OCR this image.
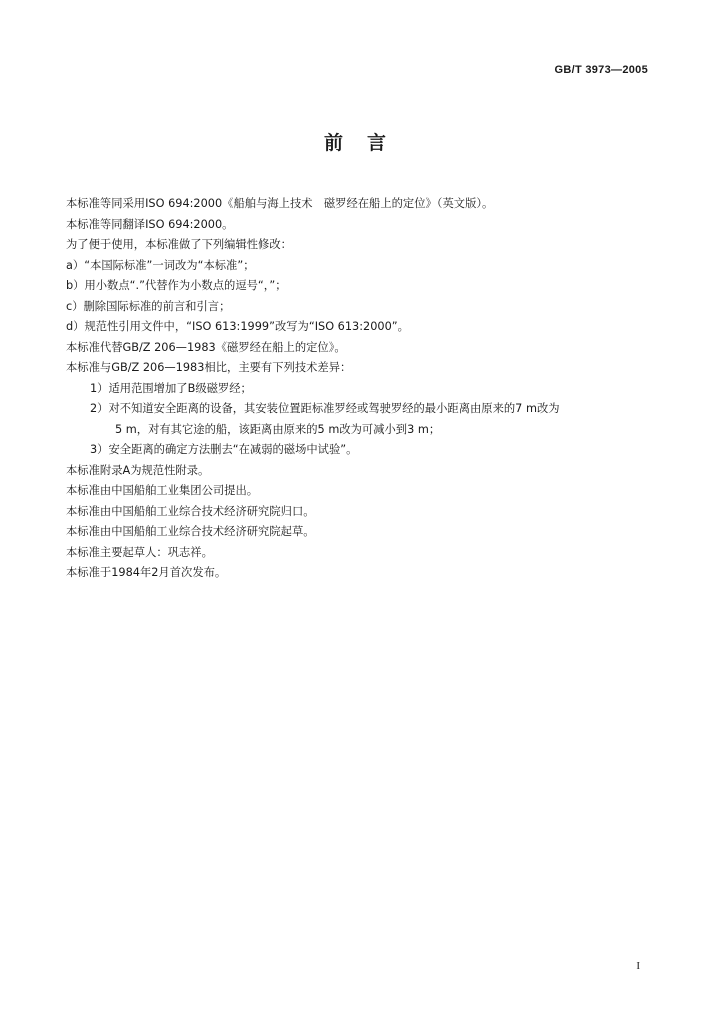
GB/T 3973—2005
前言
本标准等同采用ISO 694:2000《船舶与海上技术　磁罗经在船上的定位》（英文版）。
本标准等同翻译ISO 694:2000。
为了便于使用，本标准做了下列编辑性修改：
a）“本国际标准”一词改为“本标准”；
b）用小数点“.”代替作为小数点的逗号“，”；
c）删除国际标准的前言和引言；
d）规范性引用文件中，“ISO 613:1999”改写为“ISO 613:2000”。
本标准代替GB/Z 206—1983《磁罗经在船上的定位》。
本标准与GB/Z 206—1983相比，主要有下列技术差异：
1）适用范围增加了B级磁罗经；
2）对不知道安全距离的设备，其安装位置距标准罗经或驾驶罗经的最小距离由原来的7 m改为
5 m，对有其它途的船，该距离由原来的5 m改为可减小到3 m；
3）安全距离的确定方法删去“在减弱的磁场中试验”。
本标准附录A为规范性附录。
本标准由中国船舶工业集团公司提出。
本标准由中国船舶工业综合技术经济研究院归口。
本标准由中国船舶工业综合技术经济研究院起草。
本标准主要起草人：巩志祥。
本标准于1984年2月首次发布。
I
